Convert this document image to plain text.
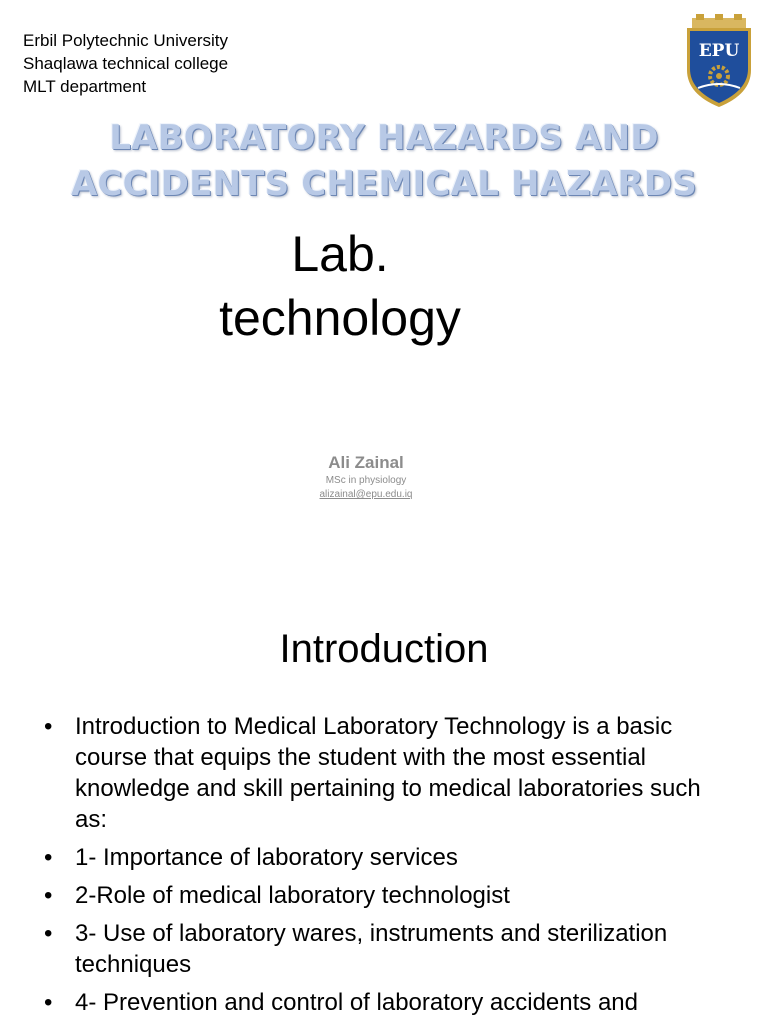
Erbil Polytechnic University
Shaqlawa technical college
MLT department
EPU
LABORATORY HAZARDS AND
ACCIDENTS CHEMICAL HAZARDS
Lab.
technology
Ali Zainal
MSc in physiology
alizainal@epu.edu.iq
Introduction
• Introduction to Medical Laboratory Technology is a basic course that equips the student with the most essential knowledge and skill pertaining to medical laboratories such as:
• 1- Importance of laboratory services
• 2-Role of medical laboratory technologist
• 3- Use of laboratory wares, instruments and sterilization techniques
• 4- Prevention and control of laboratory accidents and
